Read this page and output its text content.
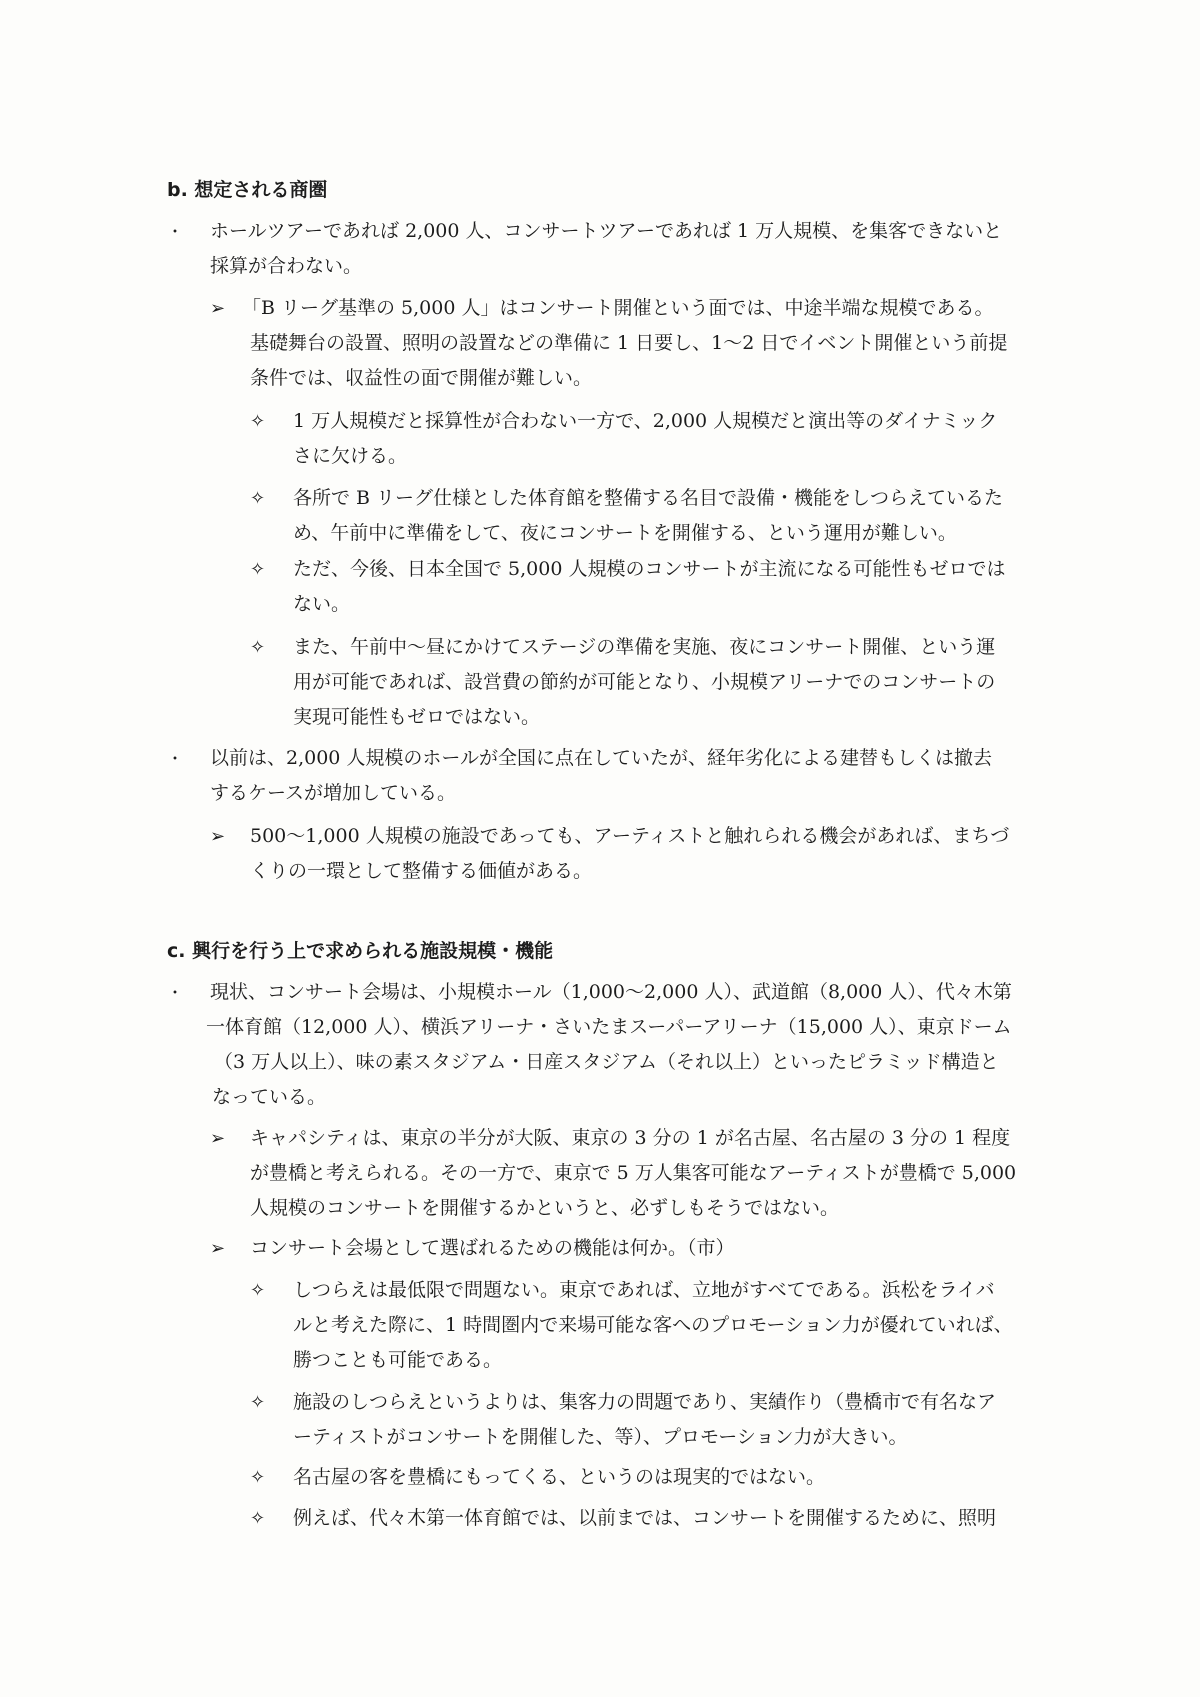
b. 想定される商圏
・ ホールツアーであれば 2,000 人、コンサートツアーであれば 1 万人規模、を集客できないと
採算が合わない。
➢ 「B リーグ基準の 5,000 人」はコンサート開催という面では、中途半端な規模である。
基礎舞台の設置、照明の設置などの準備に 1 日要し、1〜2 日でイベント開催という前提
条件では、収益性の面で開催が難しい。
✧ 1 万人規模だと採算性が合わない一方で、2,000 人規模だと演出等のダイナミック
さに欠ける。
✧ 各所で B リーグ仕様とした体育館を整備する名目で設備・機能をしつらえているた
め、午前中に準備をして、夜にコンサートを開催する、という運用が難しい。
✧ ただ、今後、日本全国で 5,000 人規模のコンサートが主流になる可能性もゼロでは
ない。
✧ また、午前中〜昼にかけてステージの準備を実施、夜にコンサート開催、という運
用が可能であれば、設営費の節約が可能となり、小規模アリーナでのコンサートの
実現可能性もゼロではない。
・ 以前は、2,000 人規模のホールが全国に点在していたが、経年劣化による建替もしくは撤去
するケースが増加している。
➢ 500〜1,000 人規模の施設であっても、アーティストと触れられる機会があれば、まちづ
くりの一環として整備する価値がある。
c. 興行を行う上で求められる施設規模・機能
・ 現状、コンサート会場は、小規模ホール（1,000〜2,000 人）、武道館（8,000 人）、代々木第
一体育館（12,000 人）、横浜アリーナ・さいたまスーパーアリーナ（15,000 人）、東京ドーム
（3 万人以上）、味の素スタジアム・日産スタジアム（それ以上）といったピラミッド構造と
なっている。
➢ キャパシティは、東京の半分が大阪、東京の 3 分の 1 が名古屋、名古屋の 3 分の 1 程度
が豊橋と考えられる。その一方で、東京で 5 万人集客可能なアーティストが豊橋で 5,000
人規模のコンサートを開催するかというと、必ずしもそうではない。
➢ コンサート会場として選ばれるための機能は何か。（市）
✧ しつらえは最低限で問題ない。東京であれば、立地がすべてである。浜松をライバ
ルと考えた際に、1 時間圏内で来場可能な客へのプロモーション力が優れていれば、
勝つことも可能である。
✧ 施設のしつらえというよりは、集客力の問題であり、実績作り（豊橋市で有名なア
ーティストがコンサートを開催した、等）、プロモーション力が大きい。
✧ 名古屋の客を豊橋にもってくる、というのは現実的ではない。
✧ 例えば、代々木第一体育館では、以前までは、コンサートを開催するために、照明
